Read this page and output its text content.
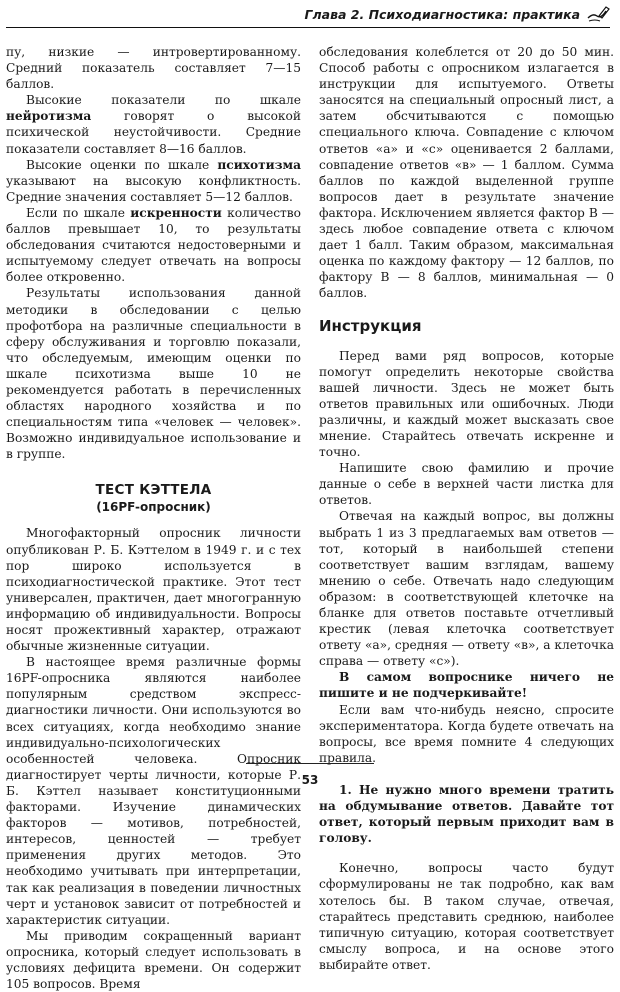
Глава 2. Психодиагностика: практика

пу, низкие — интровертированному. Средний показатель составляет 7—15 баллов.

Высокие показатели по шкале нейротизма говорят о высокой психической неустойчивости. Средние показатели составляет 8—16 баллов.

Высокие оценки по шкале психотизма указывают на высокую конфликтность. Средние значения составляет 5—12 баллов.

Если по шкале искренности количество баллов превышает 10, то результаты обследования считаются недостоверными и испытуемому следует отвечать на вопросы более откровенно.

Результаты использования данной методики в обследовании с целью профотбора на различные специальности в сферу обслуживания и торговлю показали, что обследуемым, имеющим оценки по шкале психотизма выше 10 не рекомендуется работать в перечисленных областях народного хозяйства и по специальностям типа «человек — человек». Возможно индивидуальное использование и в группе.

ТЕСТ КЭТТЕЛА
(16PF-опросник)

Многофакторный опросник личности опубликован Р. Б. Кэттелом в 1949 г. и с тех пор широко используется в психодиагностической практике. Этот тест универсален, практичен, дает многогранную информацию об индивидуальности. Вопросы носят прожективный характер, отражают обычные жизненные ситуации.

В настоящее время различные формы 16PF-опросника являются наиболее популярным средством экспресс-диагностики личности. Они используются во всех ситуациях, когда необходимо знание индивидуально-психологических особенностей человека. Опросник диагностирует черты личности, которые Р. Б. Кэттел называет конституционными факторами. Изучение динамических факторов — мотивов, потребностей, интересов, ценностей — требует применения других методов. Это необходимо учитывать при интерпретации, так как реализация в поведении личностных черт и установок зависит от потребностей и характеристик ситуации.

Мы приводим сокращенный вариант опросника, который следует использовать в условиях дефицита времени. Он содержит 105 вопросов. Время

обследования колеблется от 20 до 50 мин. Способ работы с опросником излагается в инструкции для испытуемого. Ответы заносятся на специальный опросный лист, а затем обсчитываются с помощью специального ключа. Совпадение с ключом ответов «а» и «с» оценивается 2 баллами, совпадение ответов «в» — 1 баллом. Сумма баллов по каждой выделенной группе вопросов дает в результате значение фактора. Исключением является фактор В — здесь любое совпадение ответа с ключом дает 1 балл. Таким образом, максимальная оценка по каждому фактору — 12 баллов, по фактору В — 8 баллов, минимальная — 0 баллов.

Инструкция

Перед вами ряд вопросов, которые помогут определить некоторые свойства вашей личности. Здесь не может быть ответов правильных или ошибочных. Люди различны, и каждый может высказать свое мнение. Старайтесь отвечать искренне и точно.

Напишите свою фамилию и прочие данные о себе в верхней части листка для ответов.

Отвечая на каждый вопрос, вы должны выбрать 1 из 3 предлагаемых вам ответов — тот, который в наибольшей степени соответствует вашим взглядам, вашему мнению о себе. Отвечать надо следующим образом: в соответствующей клеточке на бланке для ответов поставьте отчетливый крестик (левая клеточка соответствует ответу «а», средняя — ответу «в», а клеточка справа — ответу «с»).

В самом вопроснике ничего не пишите и не подчеркивайте!

Если вам что-нибудь неясно, спросите экспериментатора. Когда будете отвечать на вопросы, все время помните 4 следующих правила.

1. Не нужно много времени тратить на обдумывание ответов. Давайте тот ответ, который первым приходит вам в голову.

Конечно, вопросы часто будут сформулированы не так подробно, как вам хотелось бы. В таком случае, отвечая, старайтесь представить среднюю, наиболее типичную ситуацию, которая соответствует смыслу вопроса, и на основе этого выбирайте ответ.

53
